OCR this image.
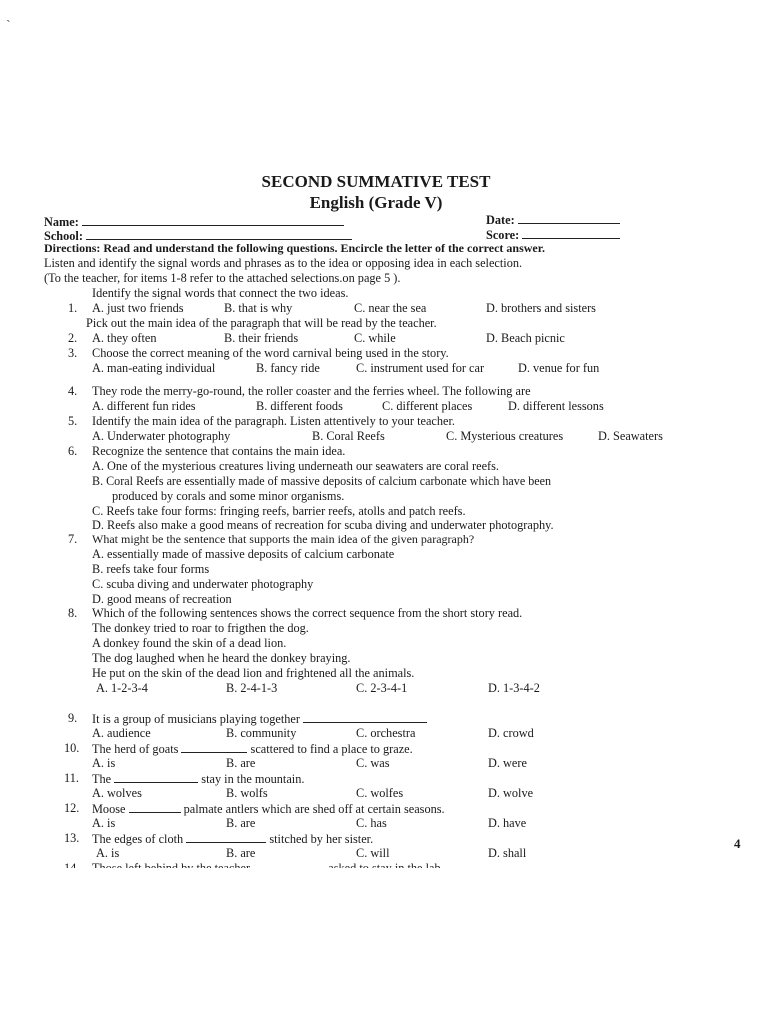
ˎ
SECOND SUMMATIVE TEST
English (Grade V)
Name:
School:
Date:
Score:
Directions: Read and understand the following questions. Encircle the letter of the correct answer.
Listen and identify the signal words and phrases as to the idea or opposing idea in each selection.
(To the teacher, for items 1-8 refer to the attached selections.on page 5 ).
Identify the signal words that connect the two ideas.
1. A. just two friends	B. that is why	C. near the sea	D. brothers and sisters
Pick out the main idea of the paragraph that will be read by the teacher.
2. A. they often	B. their friends	C. while	D. Beach picnic
3. Choose the correct meaning of the word carnival being used in the story.
A. man-eating individual	B. fancy ride	C. instrument used for car	D. venue for fun
4. They rode the merry-go-round, the roller coaster and the ferries wheel. The following are
A. different fun rides	B. different foods	C. different places	D. different lessons
5. Identify the main idea of the paragraph. Listen attentively to your teacher.
A. Underwater photography	B. Coral Reefs	C. Mysterious creatures	D. Seawaters
6. Recognize the sentence that contains the main idea.
A. One of the mysterious creatures living underneath our seawaters are coral reefs.
B. Coral Reefs are essentially made of massive deposits of calcium carbonate which have been
produced by corals and some minor organisms.
C. Reefs take four forms: fringing reefs, barrier reefs, atolls and patch reefs.
D. Reefs also make a good means of recreation for scuba diving and underwater photography.
7. What might be the sentence that supports the main idea of the given paragraph?
A. essentially made of massive deposits of calcium carbonate
B. reefs take four forms
C. scuba diving and underwater photography
D. good means of recreation
8. Which of the following sentences shows the correct sequence from the short story read.
The donkey tried to roar to frigthen the dog.
A donkey found the skin of a dead lion.
The dog laughed when he heard the donkey braying.
He put on the skin of the dead lion and frightened all the animals.
A. 1-2-3-4	B. 2-4-1-3	C. 2-3-4-1	D. 1-3-4-2
9. It is a group of musicians playing together
A. audience	B. community	C. orchestra	D. crowd
10. The herd of goats	scattered to find a place to graze.
A. is	B. are	C. was	D. were
11. The	stay in the mountain.
A. wolves	B. wolfs	C. wolfes	D. wolve
12. Moose	palmate antlers which are shed off at certain seasons.
A. is	B. are	C. has	D. have
13. The edges of cloth	stitched by her sister.
A. is	B. are	C. will	D. shall
4
